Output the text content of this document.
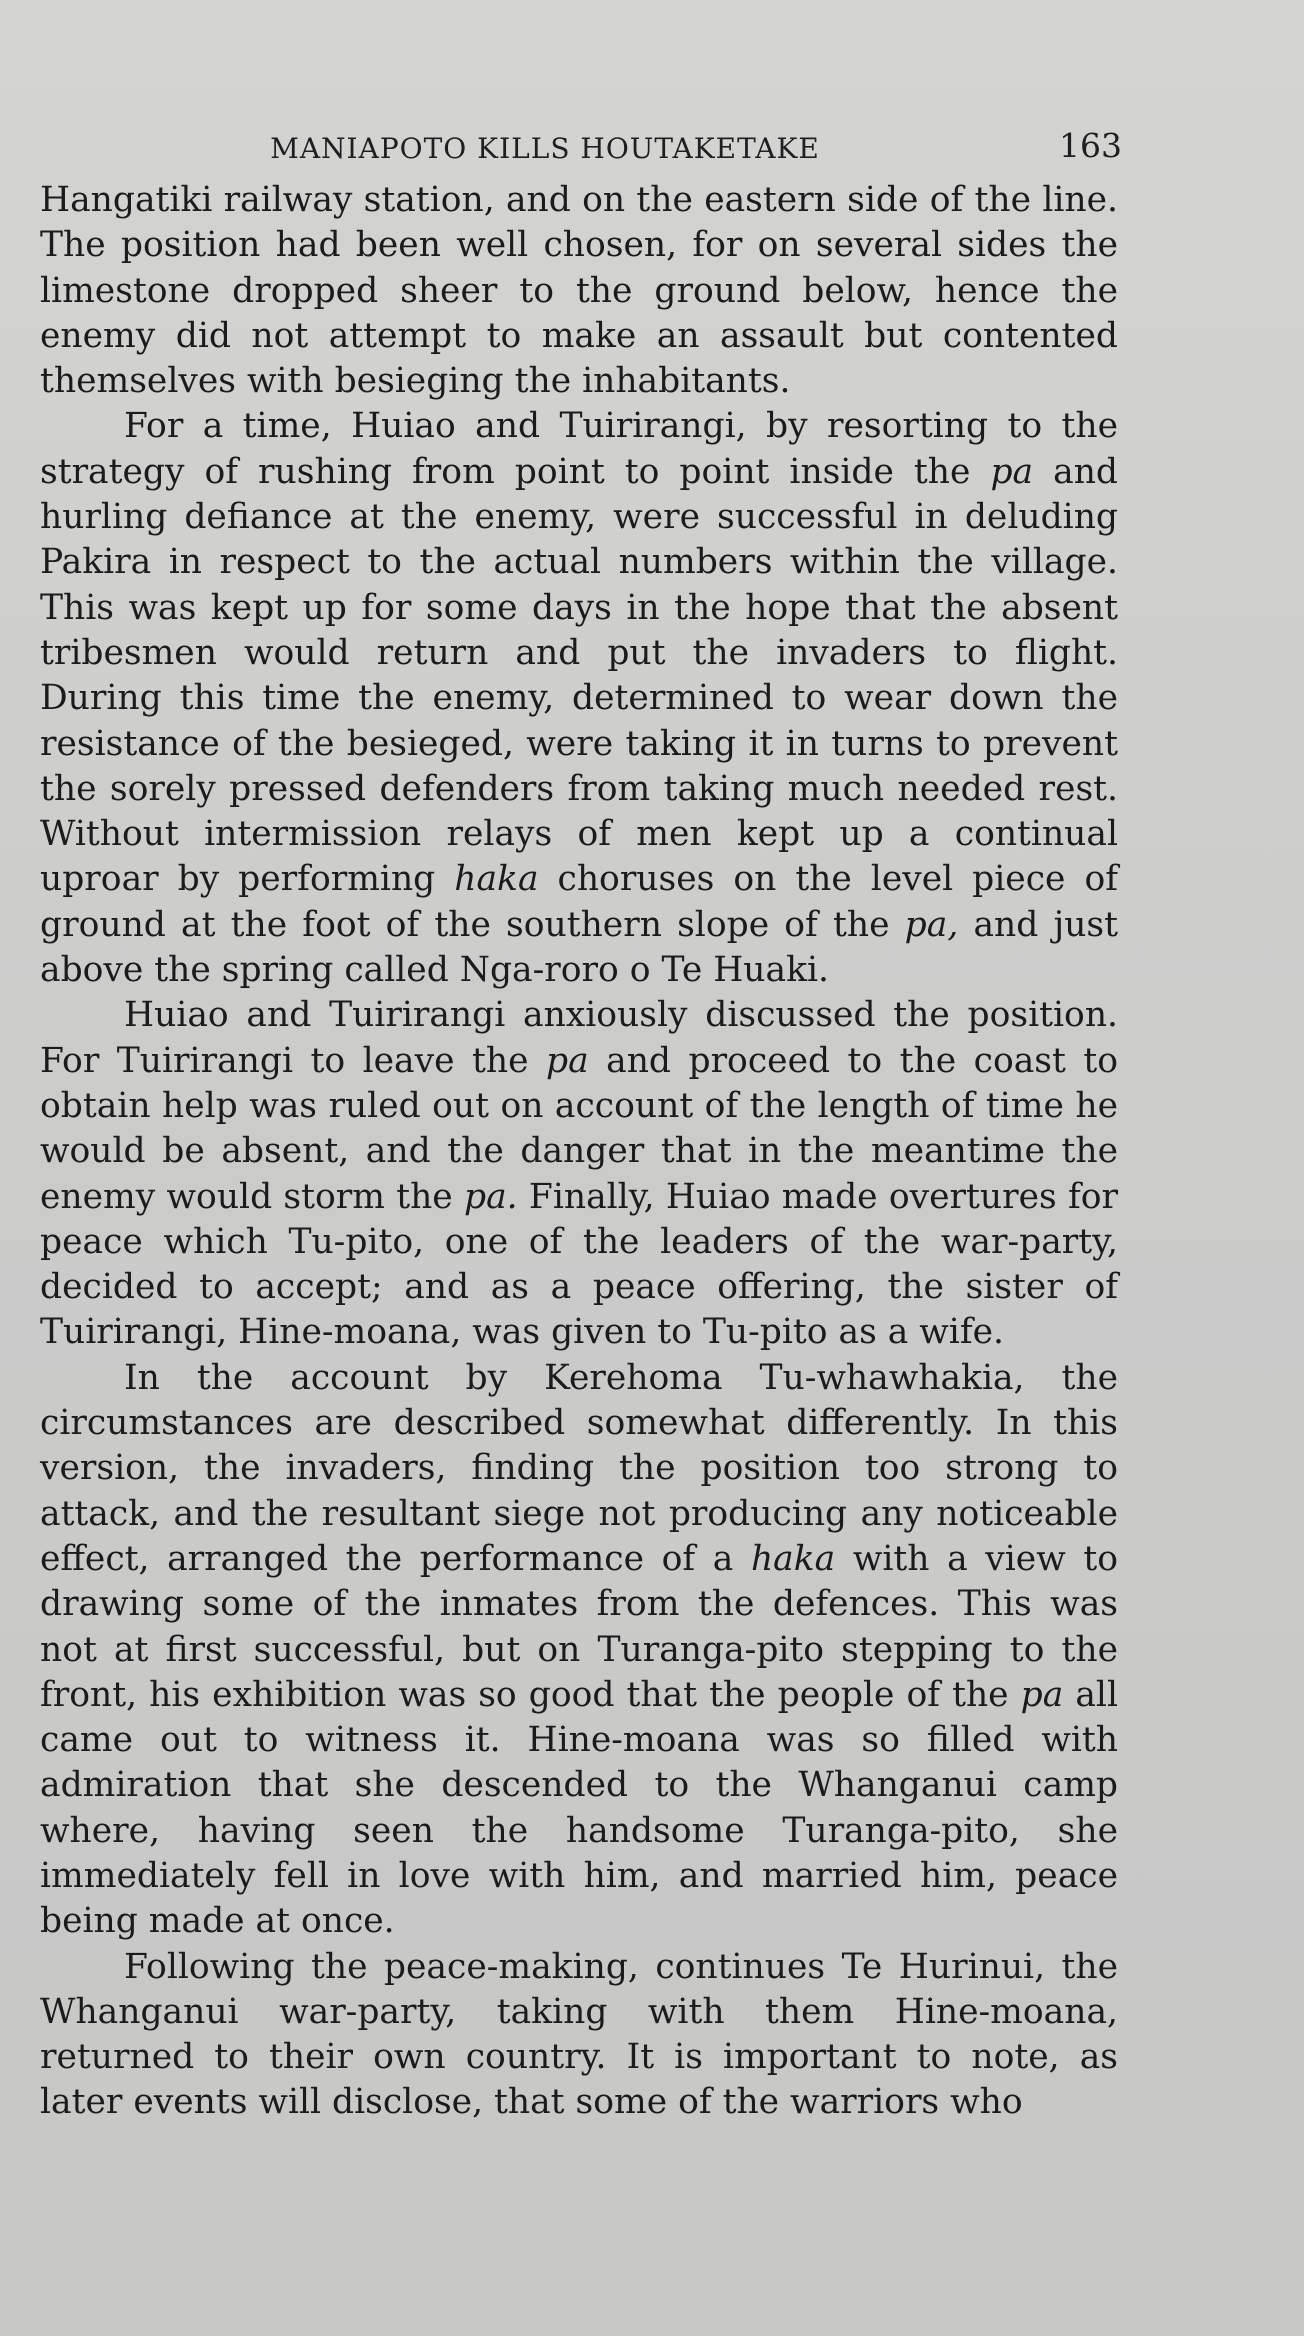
MANIAPOTO KILLS HOUTAKETAKE	163

Hangatiki railway station, and on the eastern side of the line. The position had been well chosen, for on several sides the limestone dropped sheer to the ground below, hence the enemy did not attempt to make an assault but contented themselves with besieging the inhabitants.

For a time, Huiao and Tuirirangi, by resorting to the strategy of rushing from point to point inside the pa and hurling defiance at the enemy, were successful in deluding Pakira in respect to the actual numbers within the village. This was kept up for some days in the hope that the absent tribesmen would return and put the invaders to flight. During this time the enemy, determined to wear down the resistance of the besieged, were taking it in turns to prevent the sorely pressed defenders from taking much needed rest. Without intermission relays of men kept up a continual uproar by performing haka choruses on the level piece of ground at the foot of the southern slope of the pa, and just above the spring called Nga-roro o Te Huaki.

Huiao and Tuirirangi anxiously discussed the position. For Tuirirangi to leave the pa and proceed to the coast to obtain help was ruled out on account of the length of time he would be absent, and the danger that in the meantime the enemy would storm the pa. Finally, Huiao made overtures for peace which Tu-pito, one of the leaders of the war-party, decided to accept; and as a peace offering, the sister of Tuirirangi, Hine-moana, was given to Tu-pito as a wife.

In the account by Kerehoma Tu-whawhakia, the circumstances are described somewhat differently. In this version, the invaders, finding the position too strong to attack, and the resultant siege not producing any noticeable effect, arranged the performance of a haka with a view to drawing some of the inmates from the defences. This was not at first successful, but on Turanga-pito stepping to the front, his exhibition was so good that the people of the pa all came out to witness it. Hine-moana was so filled with admiration that she descended to the Whanganui camp where, having seen the handsome Turanga-pito, she immediately fell in love with him, and married him, peace being made at once.

Following the peace-making, continues Te Hurinui, the Whanganui war-party, taking with them Hine-moana, returned to their own country. It is important to note, as later events will disclose, that some of the warriors who
